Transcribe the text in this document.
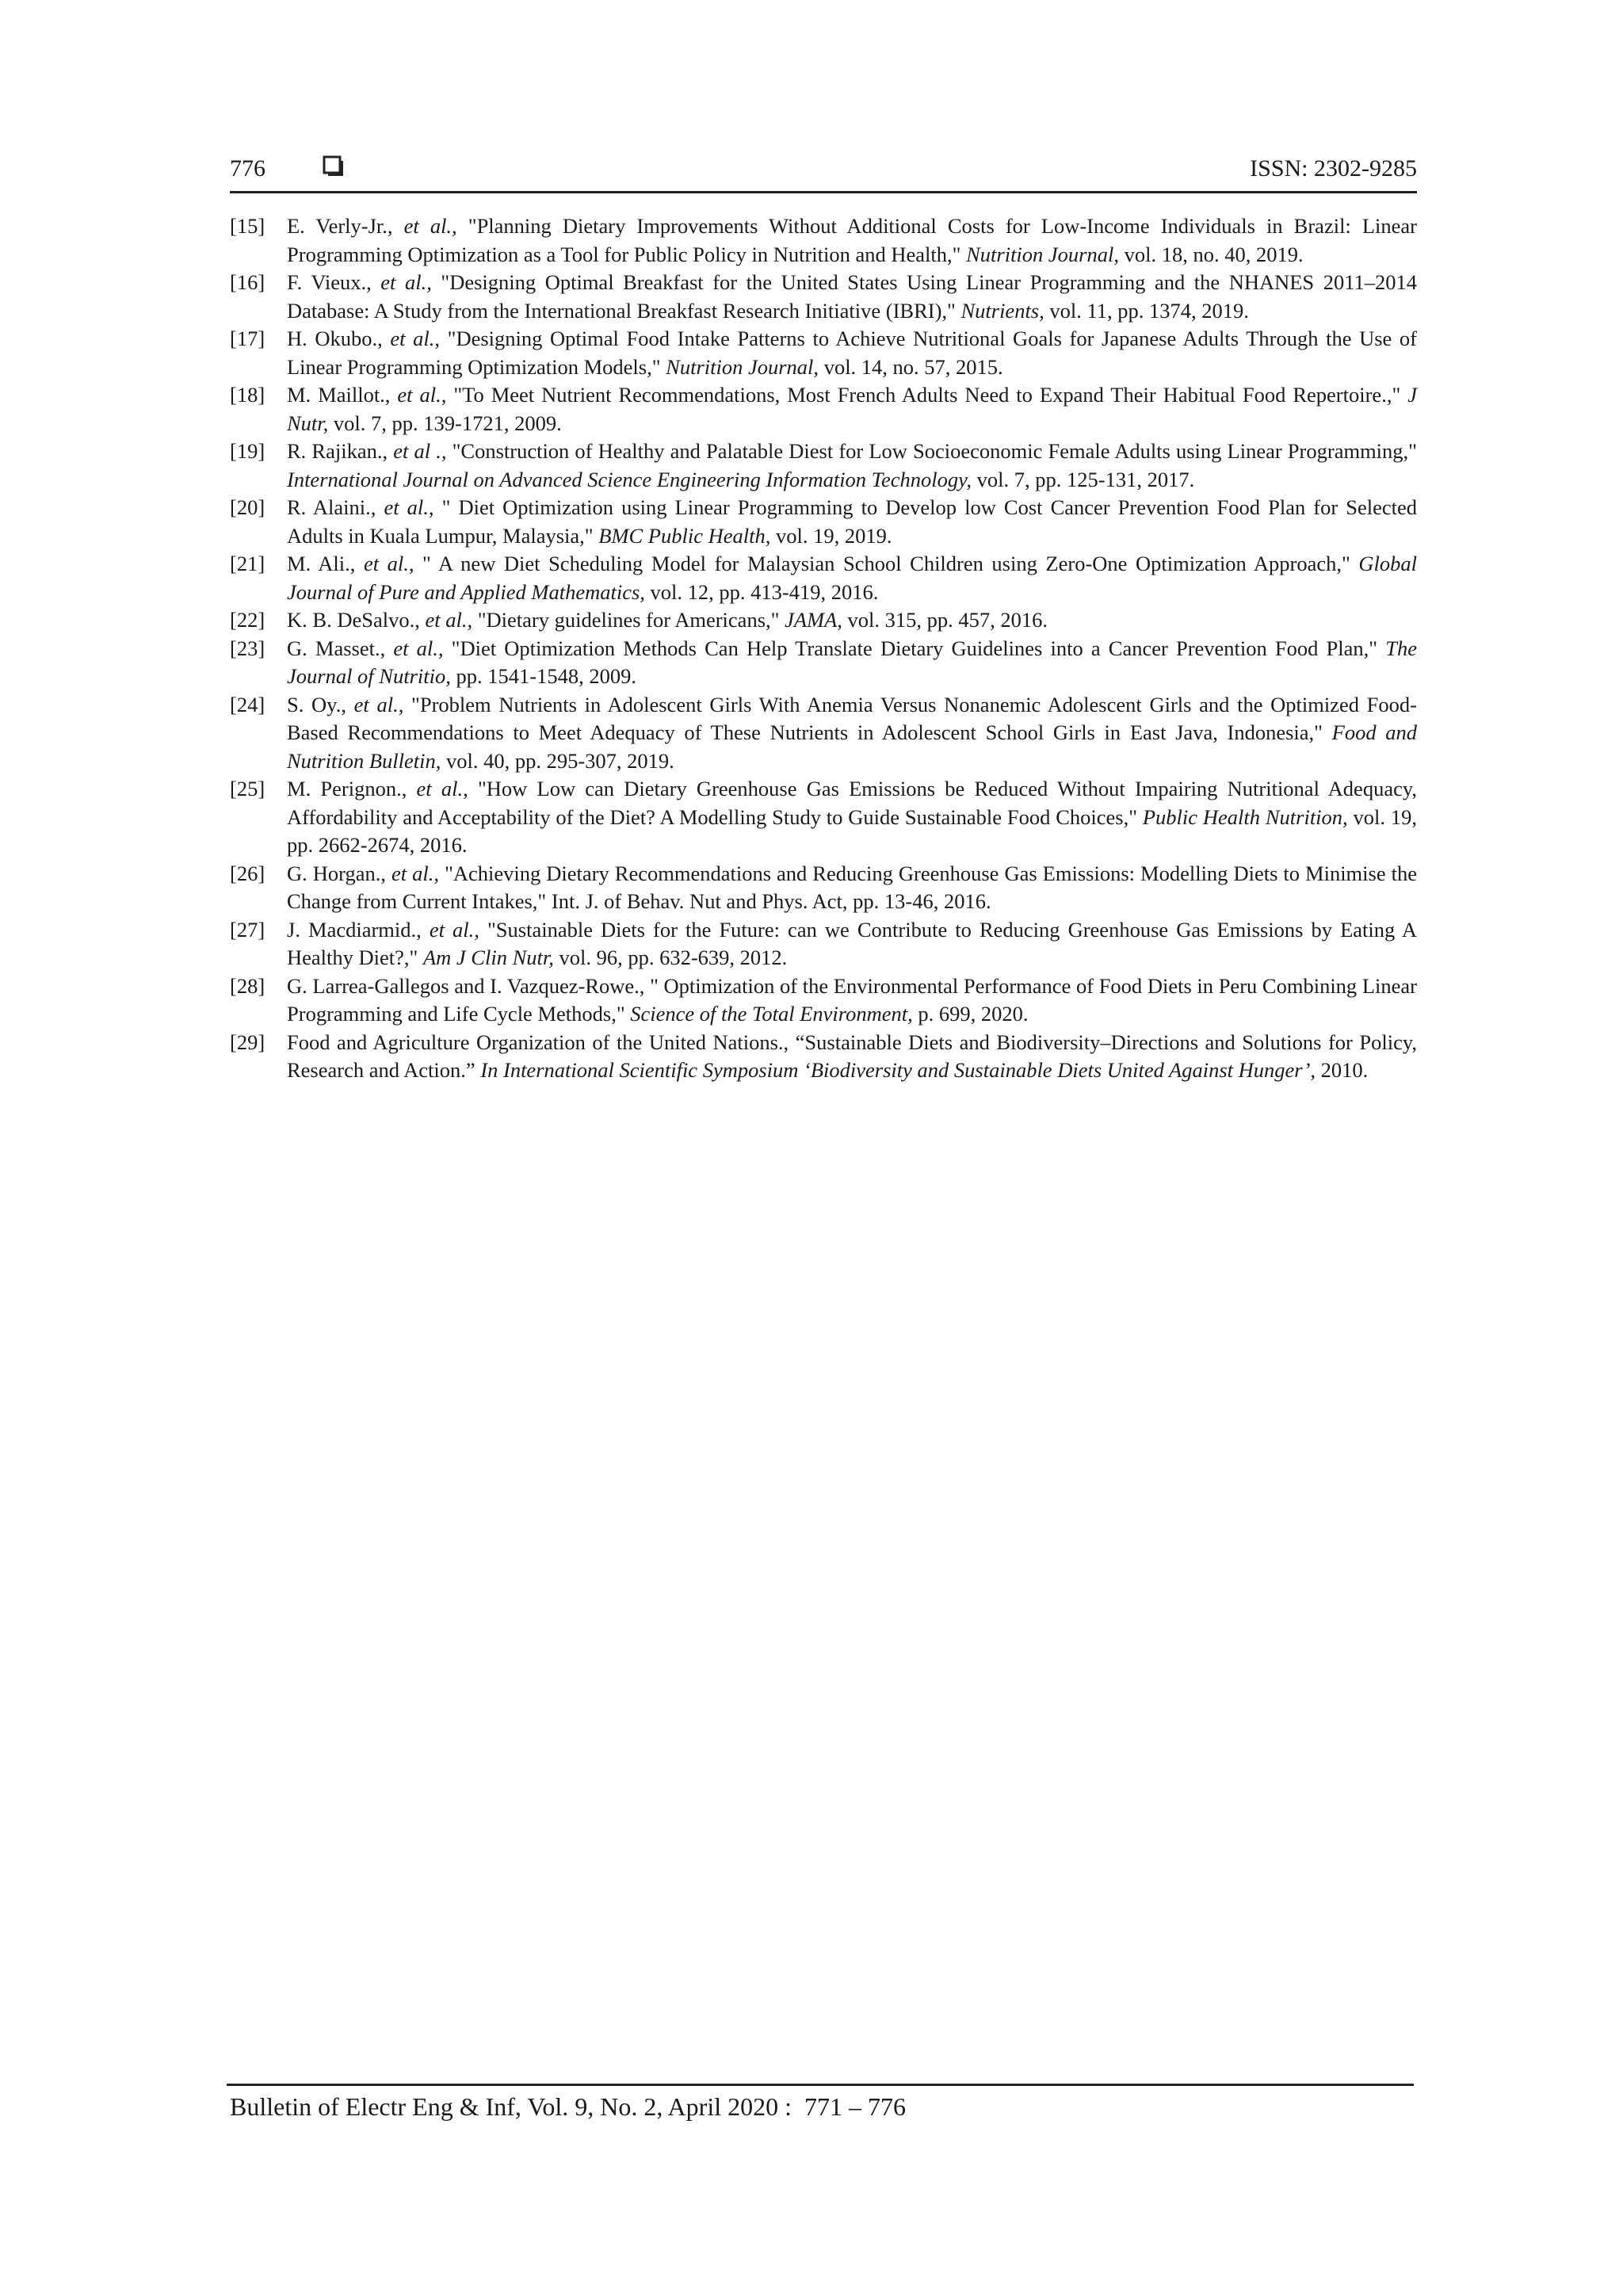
776	ISSN: 2302-9285
[15]	E. Verly-Jr., et al., "Planning Dietary Improvements Without Additional Costs for Low-Income Individuals in Brazil: Linear Programming Optimization as a Tool for Public Policy in Nutrition and Health," Nutrition Journal, vol. 18, no. 40, 2019.
[16]	F. Vieux., et al., "Designing Optimal Breakfast for the United States Using Linear Programming and the NHANES 2011–2014 Database: A Study from the International Breakfast Research Initiative (IBRI)," Nutrients, vol. 11, pp. 1374, 2019.
[17]	H. Okubo., et al., "Designing Optimal Food Intake Patterns to Achieve Nutritional Goals for Japanese Adults Through the Use of Linear Programming Optimization Models," Nutrition Journal, vol. 14, no. 57, 2015.
[18]	M. Maillot., et al., "To Meet Nutrient Recommendations, Most French Adults Need to Expand Their Habitual Food Repertoire.," J Nutr, vol. 7, pp. 139-1721, 2009.
[19]	R. Rajikan., et al ., "Construction of Healthy and Palatable Diest for Low Socioeconomic Female Adults using Linear Programming," International Journal on Advanced Science Engineering Information Technology, vol. 7, pp. 125-131, 2017.
[20]	R. Alaini., et al., " Diet Optimization using Linear Programming to Develop low Cost Cancer Prevention Food Plan for Selected Adults in Kuala Lumpur, Malaysia," BMC Public Health, vol. 19, 2019.
[21]	M. Ali., et al., " A new Diet Scheduling Model for Malaysian School Children using Zero-One Optimization Approach," Global Journal of Pure and Applied Mathematics, vol. 12, pp. 413-419, 2016.
[22]	K. B. DeSalvo., et al., "Dietary guidelines for Americans," JAMA, vol. 315, pp. 457, 2016.
[23]	G. Masset., et al., "Diet Optimization Methods Can Help Translate Dietary Guidelines into a Cancer Prevention Food Plan," The Journal of Nutritio, pp. 1541-1548, 2009.
[24]	S. Oy., et al., "Problem Nutrients in Adolescent Girls With Anemia Versus Nonanemic Adolescent Girls and the Optimized Food- Based Recommendations to Meet Adequacy of These Nutrients in Adolescent School Girls in East Java, Indonesia," Food and Nutrition Bulletin, vol. 40, pp. 295-307, 2019.
[25]	M. Perignon., et al., "How Low can Dietary Greenhouse Gas Emissions be Reduced Without Impairing Nutritional Adequacy, Affordability and Acceptability of the Diet? A Modelling Study to Guide Sustainable Food Choices," Public Health Nutrition, vol. 19, pp. 2662-2674, 2016.
[26]	G. Horgan., et al., "Achieving Dietary Recommendations and Reducing Greenhouse Gas Emissions: Modelling Diets to Minimise the Change from Current Intakes," Int. J. of Behav. Nut and Phys. Act, pp. 13-46, 2016.
[27]	J. Macdiarmid., et al., "Sustainable Diets for the Future: can we Contribute to Reducing Greenhouse Gas Emissions by Eating A Healthy Diet?," Am J Clin Nutr, vol. 96, pp. 632-639, 2012.
[28]	G. Larrea-Gallegos and I. Vazquez-Rowe., " Optimization of the Environmental Performance of Food Diets in Peru Combining Linear Programming and Life Cycle Methods," Science of the Total Environment, p. 699, 2020.
[29]	Food and Agriculture Organization of the United Nations., “Sustainable Diets and Biodiversity–Directions and Solutions for Policy, Research and Action.” In International Scientific Symposium ‘Biodiversity and Sustainable Diets United Against Hunger’, 2010.
Bulletin of Electr Eng & Inf, Vol. 9, No. 2, April 2020 :  771 – 776
